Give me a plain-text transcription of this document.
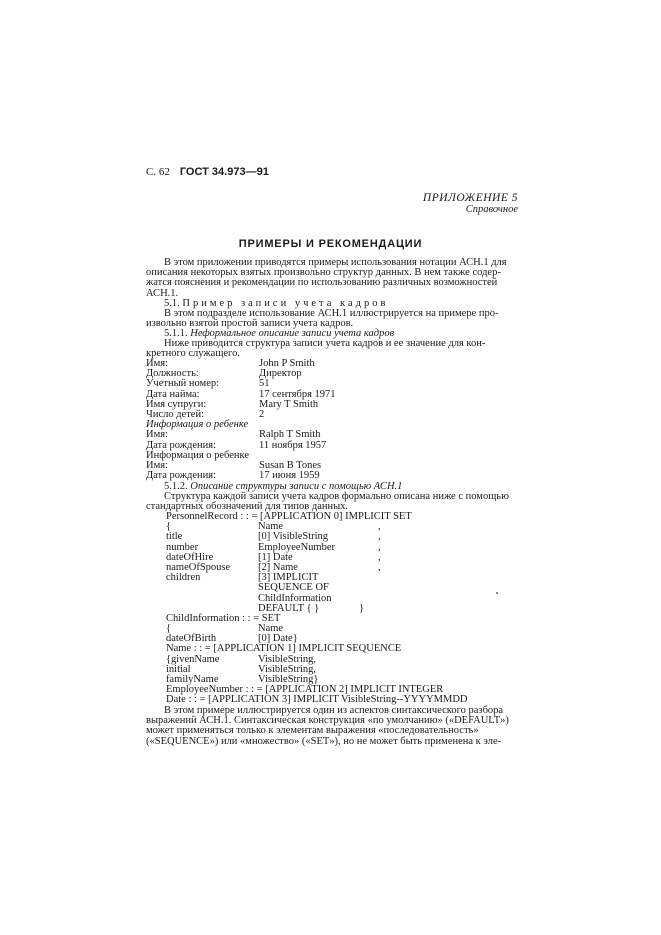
С. 62 ГОСТ 34.973—91
ПРИЛОЖЕНИЕ 5
Справочное
ПРИМЕРЫ И РЕКОМЕНДАЦИИ
В этом приложении приводятся примеры использования нотации АСН.1 для
описания некоторых взятых произвольно структур данных. В нем также содер-
жатся пояснения и рекомендации по использованию различных возможностей
АСН.1.
5.1. Пример записи учета кадров
В этом подразделе использование АСН.1 иллюстрируется на примере про-
извольно взятой простой записи учета кадров.
5.1.1. Неформальное описание записи учета кадров
Ниже приводится структура записи учета кадров и ее значение для кон-
кретного служащего.
Имя:	John P Smith
Должность:	Директор
Учетный номер:	51
Дата найма:	17 сентября 1971
Имя супруги:	Mary T Smith
Число детей:	2
Информация о ребенке
Имя:	Ralph T Smith
Дата рождения:	11 ноября 1957
Информация о ребенке
Имя:	Susan B Tones
Дата рождения:	17 июня 1959
5.1.2. Описание структуры записи с помощью АСН.1
Структура каждой записи учета кадров формально описана ниже с помощью
стандартных обозначений для типов данных.
PersonnelRecord : : = [APPLICATION 0] IMPLICIT SET
{	Name	,
title	[0] VisibleString	,
number	EmployeeNumber	,
dateOfHire	[1] Date	,
nameOfSpouse	[2] Name	,
children	[3] IMPLICIT
SEQUENCE OF
ChildInformation
DEFAULT { }	}
ChildInformation : : = SET
{	Name
dateOfBirth	[0] Date}
Name : : = [APPLICATION 1] IMPLICIT SEQUENCE
{givenName	VisibleString,
initial	VisibleString,
familyName	VisibleString}
EmployeeNumber : : = [APPLICATION 2] IMPLICIT INTEGER
Date : : = [APPLICATION 3] IMPLICIT VisibleString--YYYYMMDD
В этом примере иллюстрируется один из аспектов синтаксического разбора
выражений АСН.1. Синтаксическая конструкция «по умолчанию» («DEFAULT»)
может применяться только к элементам выражения «последовательность»
(«SEQUENCE») или «множество» («SET»), но не может быть применена к эле-
